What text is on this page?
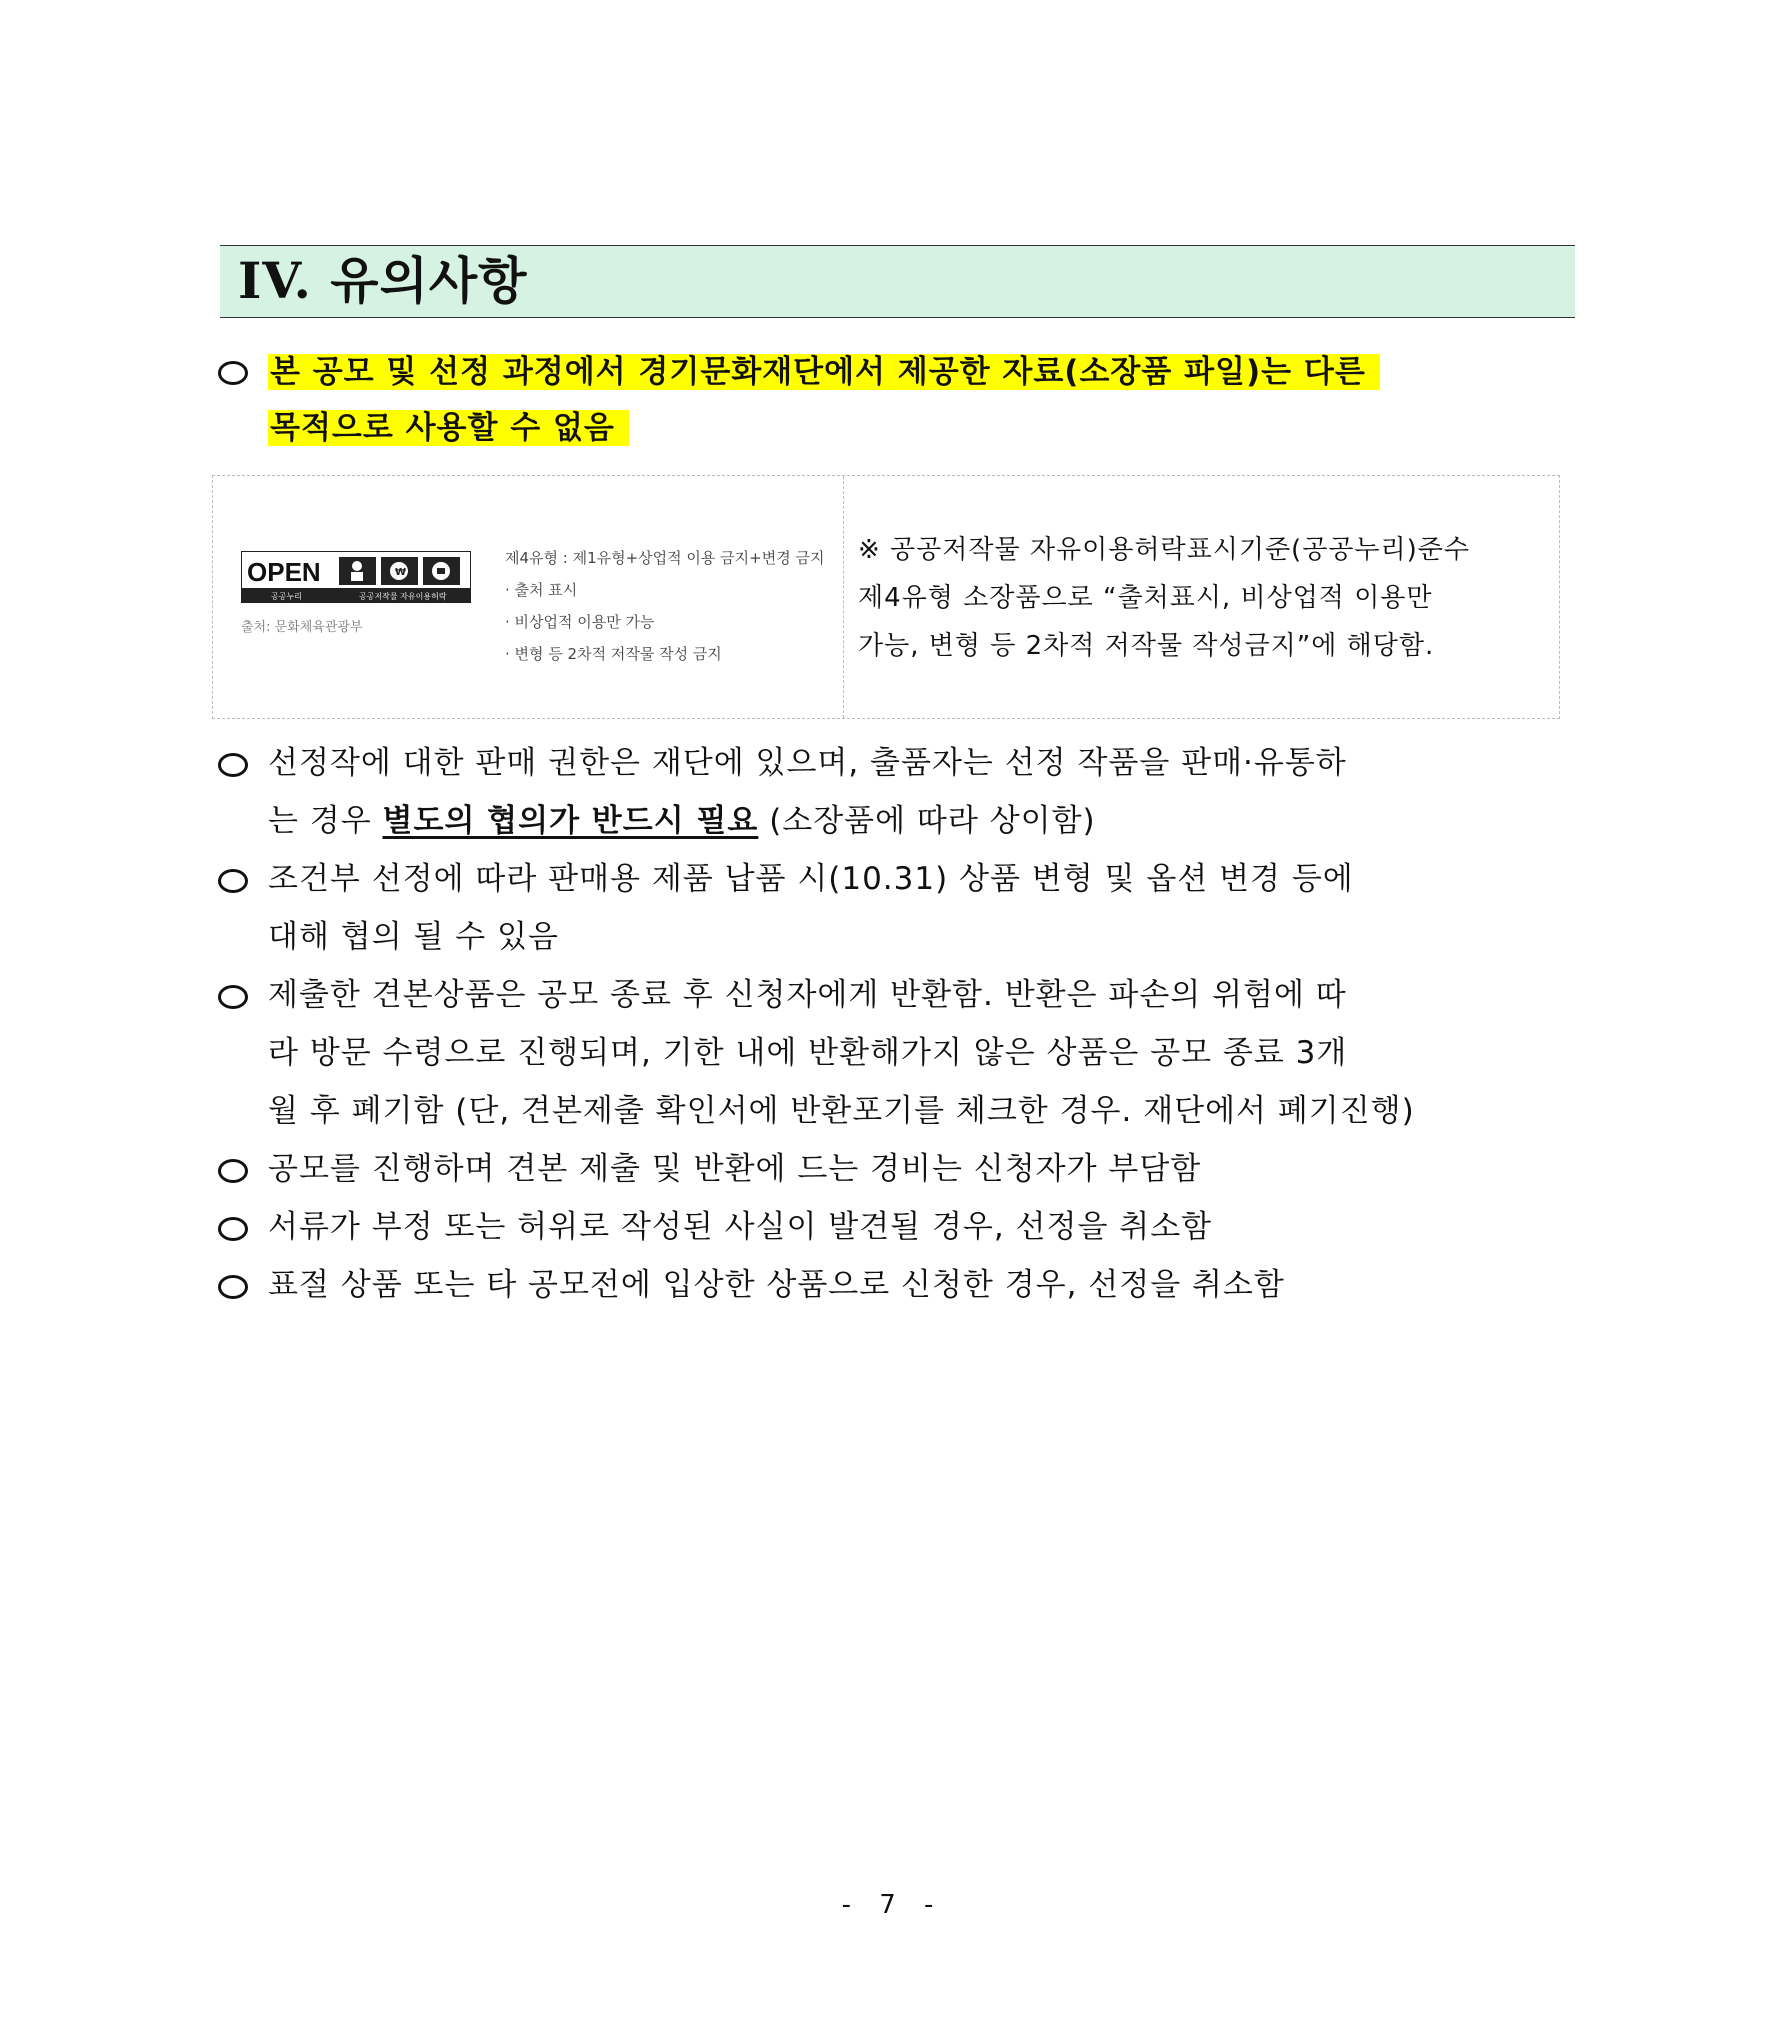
IV. 유의사항
본 공모 및 선정 과정에서 경기문화재단에서 제공한 자료(소장품 파일)는 다른
목적으로 사용할 수 없음
OPEN	₩
공공누리	공공저작물 자유이용허락
출처: 문화체육관광부
제4유형 : 제1유형+상업적 이용 금지+변경 금지
· 출처 표시
· 비상업적 이용만 가능
· 변형 등 2차적 저작물 작성 금지
※ 공공저작물 자유이용허락표시기준(공공누리)준수
제4유형 소장품으로 “출처표시, 비상업적 이용만
가능, 변형 등 2차적 저작물 작성금지”에 해당함.
선정작에 대한 판매 권한은 재단에 있으며, 출품자는 선정 작품을 판매·유통하
는 경우 별도의 협의가 반드시 필요 (소장품에 따라 상이함)
조건부 선정에 따라 판매용 제품 납품 시(10.31) 상품 변형 및 옵션 변경 등에
대해 협의 될 수 있음
제출한 견본상품은 공모 종료 후 신청자에게 반환함. 반환은 파손의 위험에 따
라 방문 수령으로 진행되며, 기한 내에 반환해가지 않은 상품은 공모 종료 3개
월 후 폐기함 (단, 견본제출 확인서에 반환포기를 체크한 경우. 재단에서 폐기진행)
공모를 진행하며 견본 제출 및 반환에 드는 경비는 신청자가 부담함
서류가 부정 또는 허위로 작성된 사실이 발견될 경우, 선정을 취소함
표절 상품 또는 타 공모전에 입상한 상품으로 신청한 경우, 선정을 취소함
- 7 -
